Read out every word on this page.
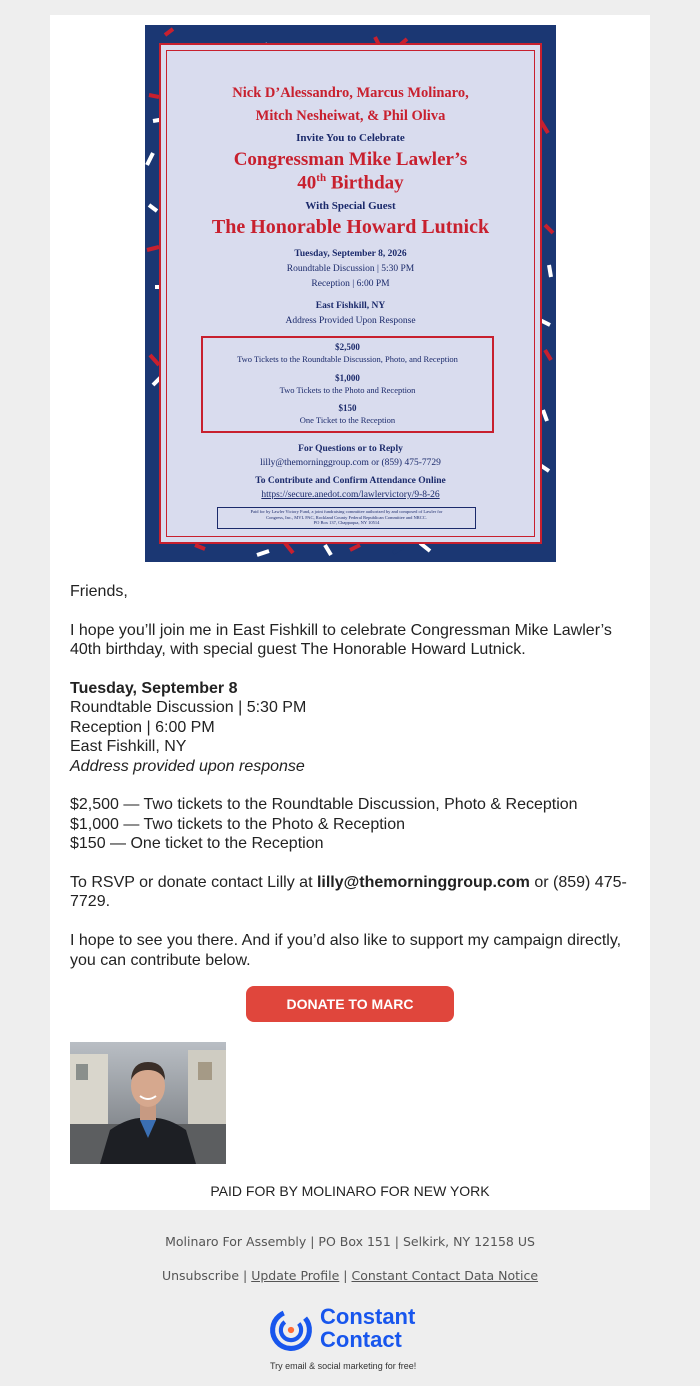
Nick D’Alessandro, Marcus Molinaro,
Mitch Nesheiwat, & Phil Oliva
Invite You to Celebrate
Congressman Mike Lawler’s
40th Birthday
With Special Guest
The Honorable Howard Lutnick
Tuesday, September 8, 2026
Roundtable Discussion | 5:30 PM
Reception | 6:00 PM
East Fishkill, NY
Address Provided Upon Response
$2,500
Two Tickets to the Roundtable Discussion, Photo, and Reception
$1,000
Two Tickets to the Photo and Reception
$150
One Ticket to the Reception
For Questions or to Reply
lilly@themorninggroup.com or (859) 475-7729
To Contribute and Confirm Attendance Online
https://secure.anedot.com/lawlervictory/9-8-26
Paid for by Lawler Victory Fund, a joint fundraising committee authorized by and composed of Lawler for
Congress, Inc., MVL PAC, Rockland County Federal Republican Committee and NRCC.
PO Box 137, Chappaqua, NY 10514

Friends,

I hope you’ll join me in East Fishkill to celebrate Congressman Mike Lawler’s 40th birthday, with special guest The Honorable Howard Lutnick.

Tuesday, September 8

Roundtable Discussion | 5:30 PM

Reception | 6:00 PM

East Fishkill, NY

Address provided upon response

$2,500 — Two tickets to the Roundtable Discussion, Photo & Reception

$1,000 — Two tickets to the Photo & Reception

$150 — One ticket to the Reception

To RSVP or donate contact Lilly at lilly@themorninggroup.com or (859) 475-7729.

I hope to see you there. And if you’d also like to support my campaign directly, you can contribute below.

DONATE TO MARC
PAID FOR BY MOLINARO FOR NEW YORK
Molinaro For Assembly | PO Box 151 | Selkirk, NY 12158 US
Unsubscribe | Update Profile | Constant Contact Data Notice
Constant
Contact
Try email & social marketing for free!
